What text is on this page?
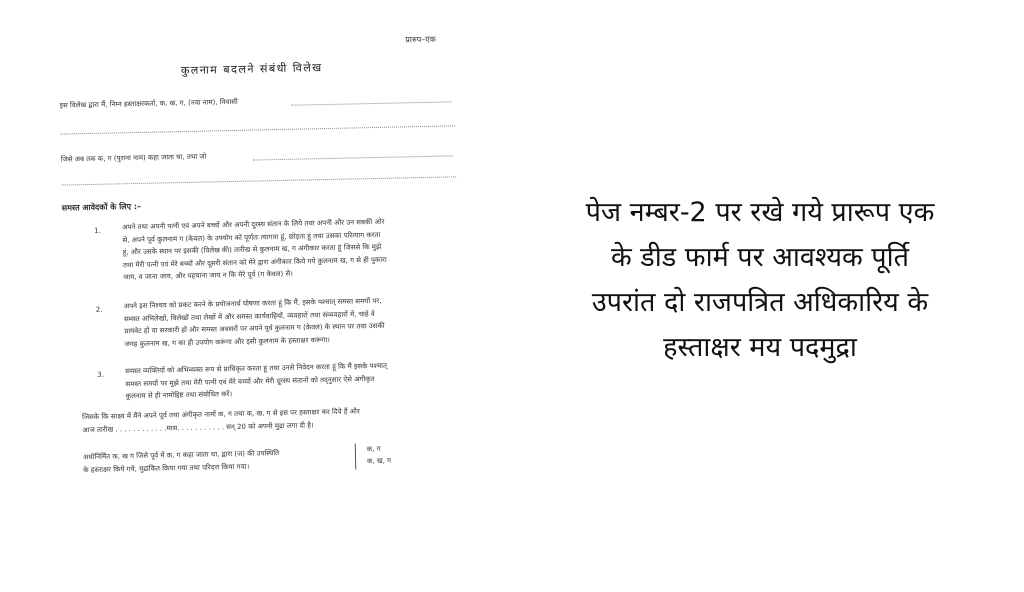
प्रारुप–एक
कुलनाम बदलने संबंधी विलेख
इस विलेख द्वारा मैं, निम्न हस्ताक्षरकर्ता, क, ख, ग, (नया नाम), निवासी
जिसे अब तक क, ग (पुराना नाम) कहा जाता था, तथा जो
समस्त आवेदकों के लिए :–
1.	अपने तथा अपनी पत्नी एवं अपने बच्चों और अपनी दूरस्थ संतान के लिये तथा अपनी और उन सबकी ओर
से, अपने पूर्व कुलनाम ग (केवल) के उपयोग को पूर्णतः त्यागता हूं, छोड़ता हूं तथा उसका परित्याग करता
हूं, और उसके स्थान पर इसकी (विलेख की) तारीख से कुलनाम ख, ग अंगीकार करता हूं जिससे कि मुझे
तथा मेरी पत्नी एवं मेरे बच्चों और दूसरी संतान को मेरे द्वारा अंगीकार किये गये कुलनाम ख, ग से ही पुकारा
जाय, व जाना जाय, और पहचाना जाय न कि मेरे पूर्व (ग केवल) से।
2.	अपने इस निश्चय को प्रकट करने के प्रयोजनार्थ घोषणा करता हूं कि मैं, इसके पश्चात् समस्त समयों पर,
समस्त अभिलेखों, विलेखों तथा लेखों में और समस्त कार्यवाहियों, व्यवहारों तथा संव्यवहारों में, चाहे वे
प्रायवेट हों या सरकारी हों और समस्त अवसरों पर अपने पूर्व कुलनाम ग (केवल) के स्थान पर तथा उसकी
जगह कुलनाम ख, ग का ही उपयोग करूंगा और इसी कुलनाम के हस्ताक्षर करूंगा।
3.	समस्त व्यक्तियों को अभिव्यक्त रूप से प्राधिकृत करता हूं तथा उनसे निवेदन करता हूं कि मैं इसके पश्चात्
समस्त समयों पर मुझे तथा मेरी पत्नी एवं मेरे बच्चों और मेरी दूरस्थ संतानों को तद्नुसार ऐसे अंगीकृत
कुलनाम से ही नामोद्दिष्ट तथा संबोधित करें।
जिसके कि साक्ष्य में मैंने अपने पूर्व तथा अंगीकृत नामों क, ग तथा क, ख, ग से इस पर हस्ताक्षर कर दिये हैं और
आज तारीख . . . . . . . . . . . .मास. . . . . . . . . . . सन् 20 को अपनी मुद्रा लगा दी है।
अधोनिर्मित क, ख ग जिसे पूर्व में क, ग कहा जाता था, द्वारा (ज) की उपस्थिति
के हस्ताक्षर किये गये, मुद्रांकित किया गया तथा परिदत्त किया गया।
क, ग
क, ख, ग
पेज नम्बर-2 पर रखे गये प्रारूप एक
के डीड फार्म पर आवश्यक पूर्ति
उपरांत दो राजपत्रित अधिकारिय के
हस्ताक्षर मय पदमुद्रा
